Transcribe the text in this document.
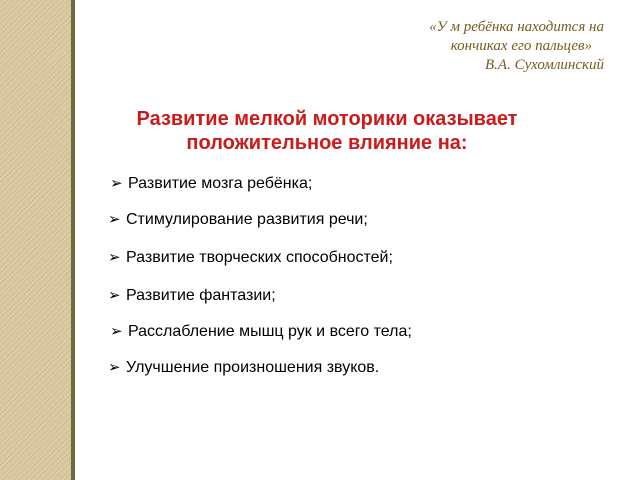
«У м ребёнка находится на
кончиках его пальцев»
В.А. Сухомлинский
Развитие мелкой моторики оказывает
положительное влияние на:
➢ Развитие мозга ребёнка;
➢ Стимулирование развития речи;
➢ Развитие творческих способностей;
➢ Развитие фантазии;
➢ Расслабление мышц рук и всего тела;
➢ Улучшение произношения звуков.
